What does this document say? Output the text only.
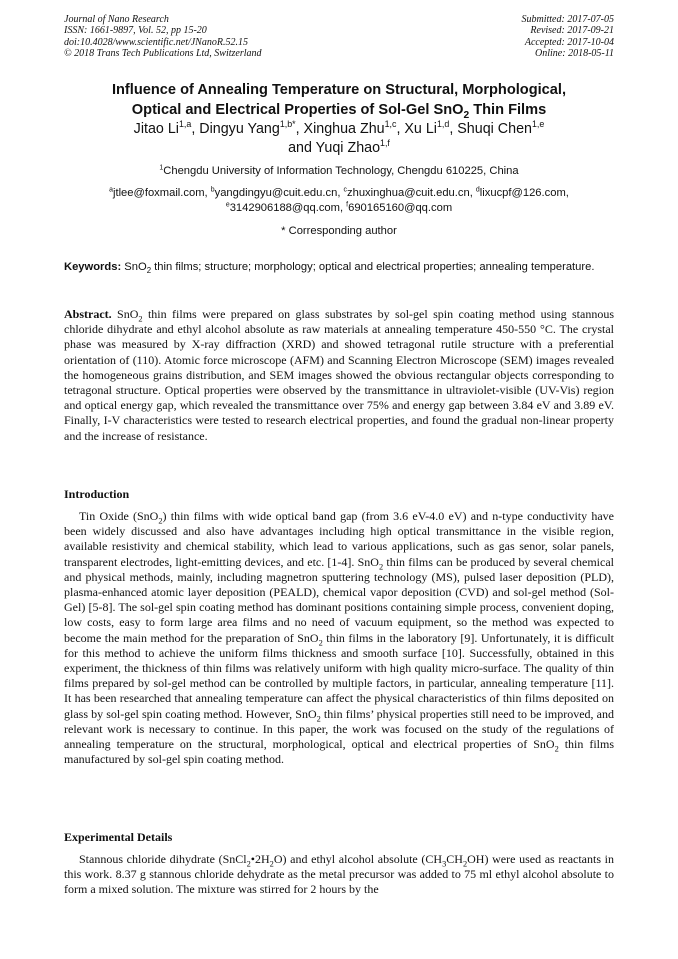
Journal of Nano Research
ISSN: 1661-9897, Vol. 52, pp 15-20
doi:10.4028/www.scientific.net/JNanoR.52.15
© 2018 Trans Tech Publications Ltd, Switzerland
Submitted: 2017-07-05
Revised: 2017-09-21
Accepted: 2017-10-04
Online: 2018-05-11
Influence of Annealing Temperature on Structural, Morphological,
Optical and Electrical Properties of Sol-Gel SnO$_2$ Thin Films
Jitao Li$^{1,a}$, Dingyu Yang$^{1,b*}$, Xinghua Zhu$^{1,c}$, Xu Li$^{1,d}$, Shuqi Chen$^{1,e}$
and Yuqi Zhao$^{1,f}$
$^1$Chengdu University of Information Technology, Chengdu 610225, China
$^a$jtlee@foxmail.com, $^b$yangdingyu@cuit.edu.cn, $^c$zhuxinghua@cuit.edu.cn, $^d$lixucpf@126.com,
$^e$3142906188@qq.com, $^f$690165160@qq.com
* Corresponding author
Keywords: SnO$_2$ thin films; structure; morphology; optical and electrical properties; annealing temperature.
Abstract. SnO$_2$ thin films were prepared on glass substrates by sol-gel spin coating method using stannous chloride dihydrate and ethyl alcohol absolute as raw materials at annealing temperature 450-550 °C. The crystal phase was measured by X-ray diffraction (XRD) and showed tetragonal rutile structure with a preferential orientation of (110). Atomic force microscope (AFM) and Scanning Electron Microscope (SEM) images revealed the homogeneous grains distribution, and SEM images showed the obvious rectangular objects corresponding to tetragonal structure. Optical properties were observed by the transmittance in ultraviolet-visible (UV-Vis) region and optical energy gap, which revealed the transmittance over 75% and energy gap between 3.84 eV and 3.89 eV. Finally, I-V characteristics were tested to research electrical properties, and found the gradual non-linear property and the increase of resistance.
Introduction
Tin Oxide (SnO$_2$) thin films with wide optical band gap (from 3.6 eV-4.0 eV) and n-type conductivity have been widely discussed and also have advantages including high optical transmittance in the visible region, available resistivity and chemical stability, which lead to various applications, such as gas senor, solar panels, transparent electrodes, light-emitting devices, and etc. [1-4]. SnO$_2$ thin films can be produced by several chemical and physical methods, mainly, including magnetron sputtering technology (MS), pulsed laser deposition (PLD), plasma-enhanced atomic layer deposition (PEALD), chemical vapor deposition (CVD) and sol-gel method (Sol-Gel) [5-8]. The sol-gel spin coating method has dominant positions containing simple process, convenient doping, low costs, easy to form large area films and no need of vacuum equipment, so the method was expected to become the main method for the preparation of SnO$_2$ thin films in the laboratory [9]. Unfortunately, it is difficult for this method to achieve the uniform films thickness and smooth surface [10]. Successfully, obtained in this experiment, the thickness of thin films was relatively uniform with high quality micro-surface. The quality of thin films prepared by sol-gel method can be controlled by multiple factors, in particular, annealing temperature [11]. It has been researched that annealing temperature can affect the physical characteristics of thin films deposited on glass by sol-gel spin coating method. However, SnO$_2$ thin films’ physical properties still need to be improved, and relevant work is necessary to continue. In this paper, the work was focused on the study of the regulations of annealing temperature on the structural, morphological, optical and electrical properties of SnO$_2$ thin films manufactured by sol-gel spin coating method.
Experimental Details
Stannous chloride dihydrate $(SnCl_2•2H_2O)$ and ethyl alcohol absolute $(CH_3CH_2OH)$ were used as reactants in this work. 8.37 g stannous chloride dehydrate as the metal precursor was added to 75 ml ethyl alcohol absolute to form a mixed solution. The mixture was stirred for 2 hours by the
